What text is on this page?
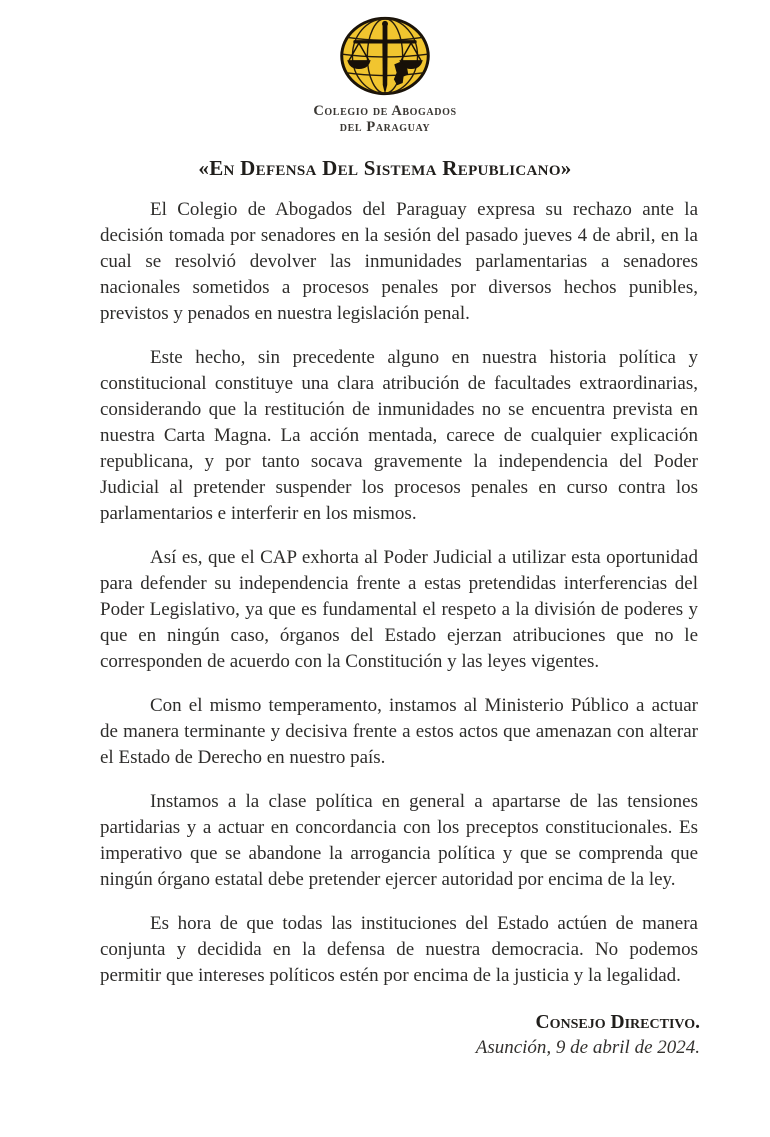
Colegio de Abogados
del Paraguay
«En Defensa Del Sistema Republicano»

El Colegio de Abogados del Paraguay expresa su rechazo ante la decisión tomada por senadores en la sesión del pasado jueves 4 de abril, en la cual se resolvió devolver las inmunidades parlamentarias a senadores nacionales sometidos a procesos penales por diversos hechos punibles, previstos y penados en nuestra legislación penal.

Este hecho, sin precedente alguno en nuestra historia política y constitucional constituye una clara atribución de facultades extraordinarias, considerando que la restitución de inmunidades no se encuentra prevista en nuestra Carta Magna. La acción mentada, carece de cualquier explicación republicana, y por tanto socava gravemente la independencia del Poder Judicial al pretender suspender los procesos penales en curso contra los parlamentarios e interferir en los mismos.

Así es, que el CAP exhorta al Poder Judicial a utilizar esta oportunidad para defender su independencia frente a estas pretendidas interferencias del Poder Legislativo, ya que es fundamental el respeto a la división de poderes y que en ningún caso, órganos del Estado ejerzan atribuciones que no le corresponden de acuerdo con la Constitución y las leyes vigentes.

Con el mismo temperamento, instamos al Ministerio Público a actuar de manera terminante y decisiva frente a estos actos que amenazan con alterar el Estado de Derecho en nuestro país.

Instamos a la clase política en general a apartarse de las tensiones partidarias y a actuar en concordancia con los preceptos constitucionales. Es imperativo que se abandone la arrogancia política y que se comprenda que ningún órgano estatal debe pretender ejercer autoridad por encima de la ley.

Es hora de que todas las instituciones del Estado actúen de manera conjunta y decidida en la defensa de nuestra democracia. No podemos permitir que intereses políticos estén por encima de la justicia y la legalidad.

Consejo Directivo.
Asunción, 9 de abril de 2024.
